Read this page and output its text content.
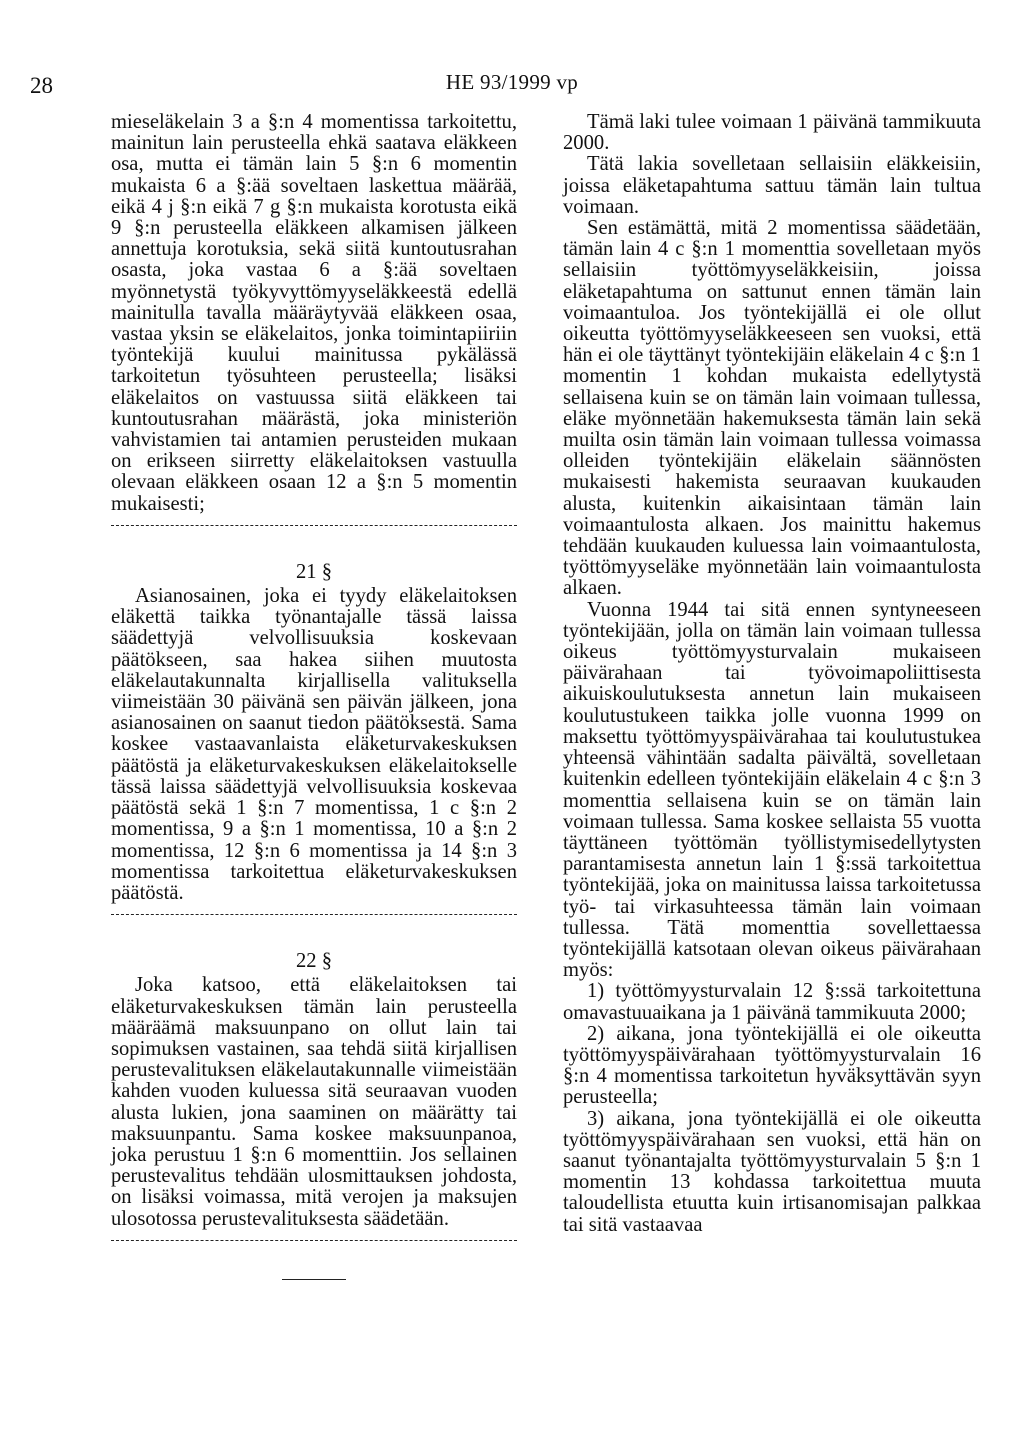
28	HE 93/1999 vp

mieseläkelain 3 a §:n 4 momentissa tarkoitettu, mainitun lain perusteella ehkä saatava eläkkeen osa, mutta ei tämän lain 5 §:n 6 momentin mukaista 6 a §:ää soveltaen laskettua määrää, eikä 4 j §:n eikä 7 g §:n mukaista korotusta eikä 9 §:n perusteella eläkkeen alkamisen jälkeen annettuja korotuksia, sekä siitä kuntoutusrahan osasta, joka vastaa 6 a §:ää soveltaen myönnetystä työkyvyttömyyseläkkeestä edellä mainitulla tavalla määräytyvää eläkkeen osaa, vastaa yksin se eläkelaitos, jonka toimintapiiriin työntekijä kuului mainitussa pykälässä tarkoitetun työsuhteen perusteella; lisäksi eläkelaitos on vastuussa siitä eläkkeen tai kuntoutusrahan määrästä, joka ministeriön vahvistamien tai antamien perusteiden mukaan on erikseen siirretty eläkelaitoksen vastuulla olevaan eläkkeen osaan 12 a §:n 5 momentin mukaisesti;

21 §

Asianosainen, joka ei tyydy eläkelaitoksen eläkettä taikka työnantajalle tässä laissa säädettyjä velvollisuuksia koskevaan päätökseen, saa hakea siihen muutosta eläkelautakunnalta kirjallisella valituksella viimeistään 30 päivänä sen päivän jälkeen, jona asianosainen on saanut tiedon päätöksestä. Sama koskee vastaavanlaista eläketurvakeskuksen päätöstä ja eläketurvakeskuksen eläkelaitokselle tässä laissa säädettyjä velvollisuuksia koskevaa päätöstä sekä 1 §:n 7 momentissa, 1 c §:n 2 momentissa, 9 a §:n 1 momentissa, 10 a §:n 2 momentissa, 12 §:n 6 momentissa ja 14 §:n 3 momentissa tarkoitettua eläketurvakeskuksen päätöstä.

22 §

Joka katsoo, että eläkelaitoksen tai eläketurvakeskuksen tämän lain perusteella määräämä maksuunpano on ollut lain tai sopimuksen vastainen, saa tehdä siitä kirjallisen perustevalituksen eläkelautakunnalle viimeistään kahden vuoden kuluessa sitä seuraavan vuoden alusta lukien, jona saaminen on määrätty tai maksuunpantu. Sama koskee maksuunpanoa, joka perustuu 1 §:n 6 momenttiin. Jos sellainen perustevalitus tehdään ulosmittauksen johdosta, on lisäksi voimassa, mitä verojen ja maksujen ulosotossa perustevalituksesta säädetään.

Tämä laki tulee voimaan 1 päivänä tammikuuta 2000.

Tätä lakia sovelletaan sellaisiin eläkkeisiin, joissa eläketapahtuma sattuu tämän lain tultua voimaan.

Sen estämättä, mitä 2 momentissa säädetään, tämän lain 4 c §:n 1 momenttia sovelletaan myös sellaisiin työttömyyseläkkeisiin, joissa eläketapahtuma on sattunut ennen tämän lain voimaantuloa. Jos työntekijällä ei ole ollut oikeutta työttömyyseläkkeeseen sen vuoksi, että hän ei ole täyttänyt työntekijäin eläkelain 4 c §:n 1 momentin 1 kohdan mukaista edellytystä sellaisena kuin se on tämän lain voimaan tullessa, eläke myönnetään hakemuksesta tämän lain sekä muilta osin tämän lain voimaan tullessa voimassa olleiden työntekijäin eläkelain säännösten mukaisesti hakemista seuraavan kuukauden alusta, kuitenkin aikaisintaan tämän lain voimaantulosta alkaen. Jos mainittu hakemus tehdään kuukauden kuluessa lain voimaantulosta, työttömyyseläke myönnetään lain voimaantulosta alkaen.

Vuonna 1944 tai sitä ennen syntyneeseen työntekijään, jolla on tämän lain voimaan tullessa oikeus työttömyysturvalain mukaiseen päivärahaan tai työvoimapoliittisesta aikuiskoulutuksesta annetun lain mukaiseen koulutustukeen taikka jolle vuonna 1999 on maksettu työttömyyspäivärahaa tai koulutustukea yhteensä vähintään sadalta päivältä, sovelletaan kuitenkin edelleen työntekijäin eläkelain 4 c §:n 3 momenttia sellaisena kuin se on tämän lain voimaan tullessa. Sama koskee sellaista 55 vuotta täyttäneen työttömän työllistymisedellytysten parantamisesta annetun lain 1 §:ssä tarkoitettua työntekijää, joka on mainitussa laissa tarkoitetussa työ- tai virkasuhteessa tämän lain voimaan tullessa. Tätä momenttia sovellettaessa työntekijällä katsotaan olevan oikeus päivärahaan myös:

1) työttömyysturvalain 12 §:ssä tarkoitettuna omavastuuaikana ja 1 päivänä tammikuuta 2000;

2) aikana, jona työntekijällä ei ole oikeutta työttömyyspäivärahaan työttömyysturvalain 16 §:n 4 momentissa tarkoitetun hyväksyttävän syyn perusteella;

3) aikana, jona työntekijällä ei ole oikeutta työttömyyspäivärahaan sen vuoksi, että hän on saanut työnantajalta työttömyysturvalain 5 §:n 1 momentin 13 kohdassa tarkoitettua muuta taloudellista etuutta kuin irtisanomisajan palkkaa tai sitä vastaavaa
